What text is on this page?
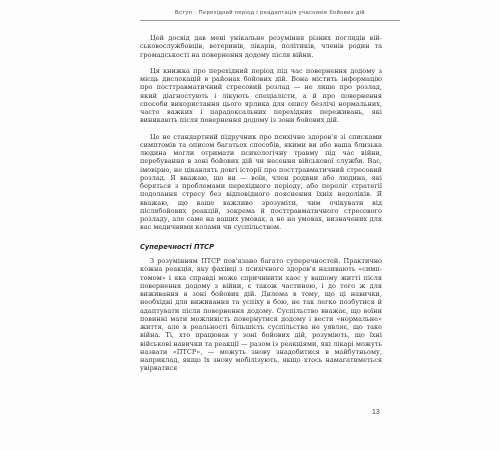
Вступ · Перехідний період і реадаптація учасників бойових дій

Цей досвід дав мені унікальне розуміння різних поглядів військовослужбовців, ветеринів, лікарів, політиків, членів родин та громадськості на повернення додому після війни.

Ця книжка про перехідний період під час повернення додому з місць дислокацій в районах бойових дій. Вона містить інформацію про посттравматичний стресовий розлад — не лише про розлад, який діагностують і лікують спеціалісти, а й про повернення способи використання цього ярлика для опису безлічі нормальних, часто важких і парадоксальних перехідних переживань, які виникають після повернення додому із зони бойових дій.

Це не стандартний підручник про психічне здоров'я зі списками симптомів та описом багатьох способів, якими ви або ваша близька людина могли отримати психологічну травму під час війни, перебування в зоні бойових дій чи несення військової служби. Вас, імовірно, не цікавлять довгі історії про посттравматичний стресовий розлад. Я вважаю, що ви — воїн, член родини або людина, які боряться з проблемами перехідного періоду, або переліг стратегії подолання стресу без відповідного пояснення їхніх недоліків. Я вважаю, що ваше важливо зрозуміти, чим очікувати від післябойових реакцій, зокрема й посттравматичного стресового розладу, але саме на ваших умовах, а не на умовах, визначених для вас медичними колами чи суспільством.

Суперечності ПТСР

З розумінням ПТСР пов'язано багато суперечностей. Практично кожна реакція, яку фахівці з психічного здоров'я називають «симптомом» і яка справді може спричинити хаос у вашому житті після повернення додому з війни, є також частиною, і до того ж для виживання в зоні бойових дій. Дилема в тому, що ці навички, необхідні для виживання та успіху в бою, не так легко позбутися й адаптувати після повернення додому. Суспільство вважає, що воїни повинні мати можливість повернутися додому і вести «нормальне» життя, але в реальності більшість суспільства не уявляє, що таке війна. Ті, хто працював у зоні бойових дій, розуміють, що їхні військові навички та реакції — разом із реакціями, які лікарі можуть назвати «ПТСР», — можуть знову знадобитися в майбутньому, наприклад, якщо їх знову мобілізують, якщо хтось намагатиметься увірватися

13
